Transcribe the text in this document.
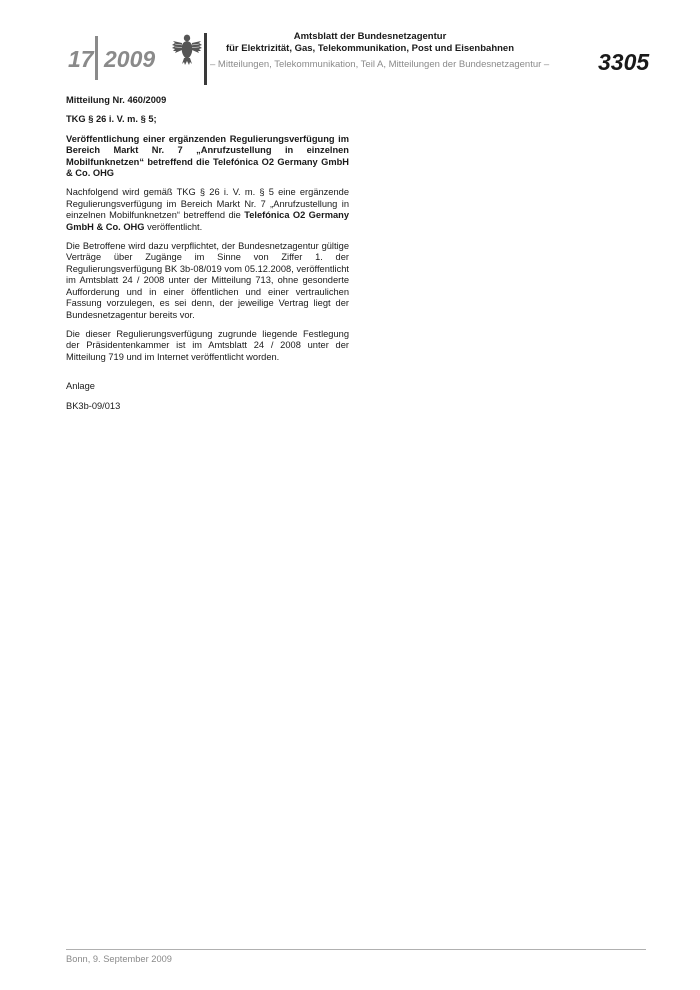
17 2009
Amtsblatt der Bundesnetzagentur
für Elektrizität, Gas, Telekommunikation, Post und Eisenbahnen
– Mitteilungen, Telekommunikation, Teil A, Mitteilungen der Bundesnetzagentur – 3305

Mitteilung Nr. 460/2009

TKG § 26 i. V. m. § 5;

Veröffentlichung einer ergänzenden Regulierungsverfügung im Bereich Markt Nr. 7 „Anrufzustellung in einzelnen Mobilfunknetzen“ betreffend die Telefónica O2 Germany GmbH & Co. OHG

Nachfolgend wird gemäß TKG § 26 i. V. m. § 5 eine ergänzende Regulierungsverfügung im Bereich Markt Nr. 7 „Anrufzustellung in einzelnen Mobilfunknetzen“ betreffend die Telefónica O2 Germany GmbH & Co. OHG veröffentlicht.

Die Betroffene wird dazu verpflichtet, der Bundesnetzagentur gültige Verträge über Zugänge im Sinne von Ziffer 1. der Regulierungsverfügung BK 3b-08/019 vom 05.12.2008, veröffentlicht im Amtsblatt 24 / 2008 unter der Mitteilung 713, ohne gesonderte Aufforderung und in einer öffentlichen und einer vertraulichen Fassung vorzulegen, es sei denn, der jeweilige Vertrag liegt der Bundesnetzagentur bereits vor.

Die dieser Regulierungsverfügung zugrunde liegende Festlegung der Präsidentenkammer ist im Amtsblatt 24 / 2008 unter der Mitteilung 719 und im Internet veröffentlicht worden.

Anlage

BK3b-09/013

Bonn, 9. September 2009
